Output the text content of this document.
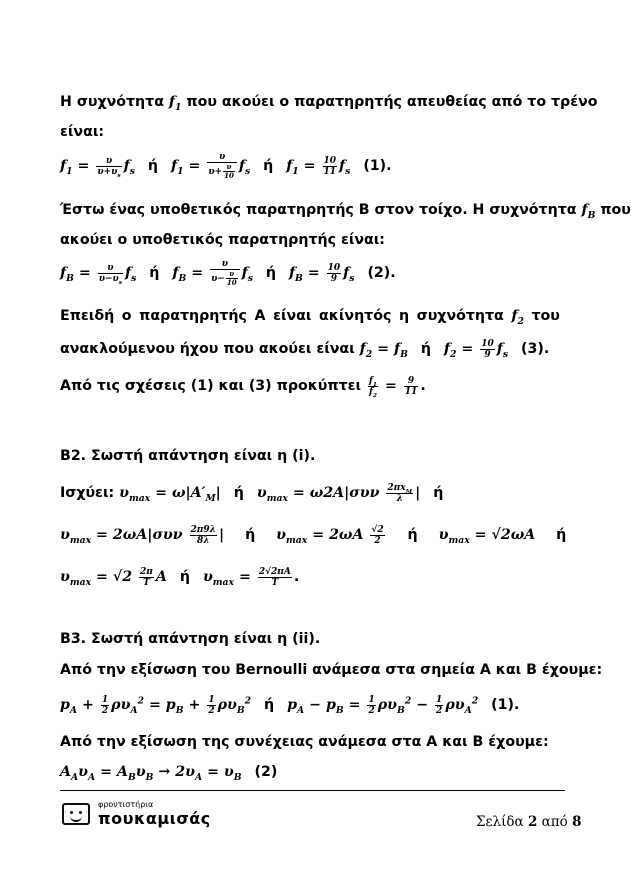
Η συχνότητα $f_1$ που ακούει ο παρατηρητής απευθείας από το τρένο
είναι:
$f_1 = \frac{\upsilon}{\upsilon+\upsilon_s} f_s$ ή $f_1 = \frac{\upsilon}{\upsilon+ \frac{\upsilon}{10}} f_s$ ή $f_1 = \frac{10}{11} f_s$ (1).
Έστω ένας υποθετικός παρατηρητής Β στον τοίχο. Η συχνότητα $f_B$ που
ακούει ο υποθετικός παρατηρητής είναι:
$f_B = \frac{\upsilon}{\upsilon-\upsilon_s} f_s$ ή $f_B = \frac{\upsilon}{\upsilon- \frac{\upsilon}{10}} f_s$ ή $f_B = \frac{10}{9} f_s$ (2).
Επειδή ο παρατηρητής Α είναι ακίνητός η συχνότητα $f_2$ του
ανακλούμενου ήχου που ακούει είναι $f_2 = f_B$ ή $f_2 = \frac{10}{9} f_s$ (3).
Από τις σχέσεις (1) και (3) προκύπτει $\frac{f_1}{f_2} = \frac{9}{11}$ .
Β2. Σωστή απάντηση είναι η (i).
Ισχύει: $\upsilon_{max} = \omega|A'_M|$ ή $\upsilon_{max} = \omega 2A|\sigma\upsilon\nu \frac{2\pi x_M}{\lambda}$ | ή
$\upsilon_{max} = 2\omega A|\sigma\upsilon\nu \frac{2\pi 9\lambda}{8\lambda}$ | ή $\upsilon_{max} = 2\omega A \frac{√2}{2}$ ή $\upsilon_{max} = √2\omega A$ ή
$\upsilon_{max} = √2 \frac{2\pi}{T}$ A ή $\upsilon_{max} = \frac{2√2\pi A}{T}$ .
Β3. Σωστή απάντηση είναι η (ii).
Από την εξίσωση του Bernoulli ανάμεσα στα σημεία Α και Β έχουμε:
$p_A + \frac{1}{2} \rho\upsilon_A^2 = p_B + \frac{1}{2} \rho\upsilon_B^2$ ή $p_A - p_B = \frac{1}{2} \rho\upsilon_B^2 - \frac{1}{2} \rho\upsilon_A^2$ (1).
Από την εξίσωση της συνέχειας ανάμεσα στα Α και Β έχουμε:
$A_A\upsilon_A = A_B\upsilon_B \to 2\upsilon_A = \upsilon_B$ (2)
φροντιστήρια
πουκαμισάς	Σελίδα 2 από 8
